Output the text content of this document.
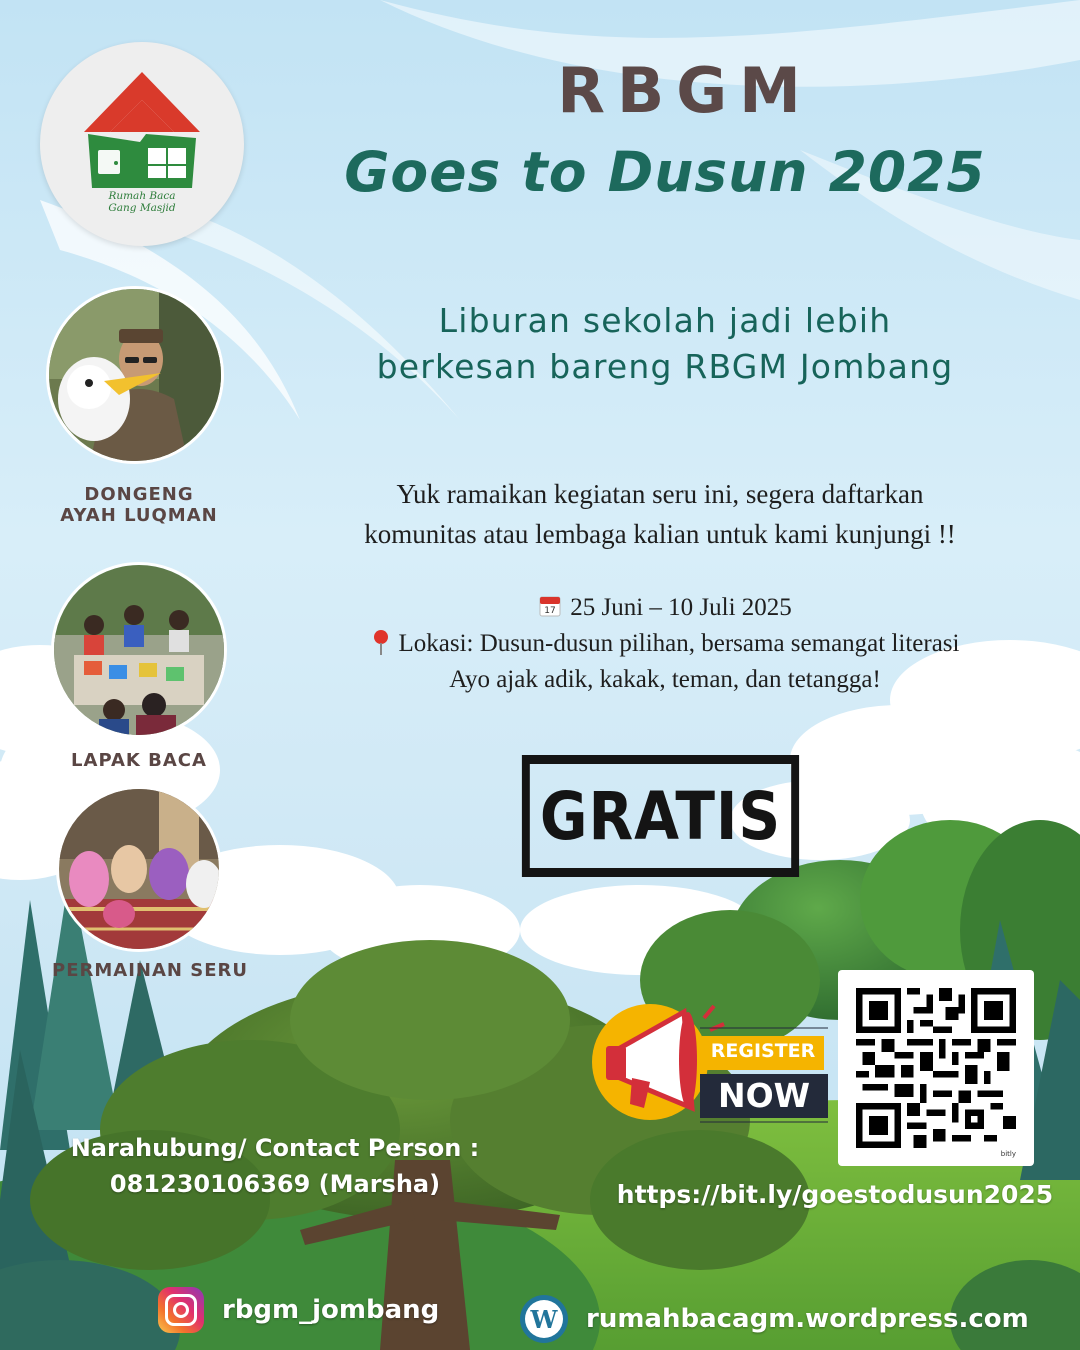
Rumah Baca
Gang Masjid
RBGM
Goes to Dusun 2025
Liburan sekolah jadi lebih
berkesan bareng RBGM Jombang
DONGENG
AYAH LUQMAN
LAPAK BACA
PERMAINAN SERU
Yuk ramaikan kegiatan seru ini, segera daftarkan
komunitas atau lembaga kalian untuk kami kunjungi !!
17 25 Juni – 10 Juli 2025
Lokasi: Dusun-dusun pilihan, bersama semangat literasi
Ayo ajak adik, kakak, teman, dan tetangga!
GRATIS
REGISTER
NOW
bitly
https://bit.ly/goestodusun2025
Narahubung/ Contact Person :
081230106369 (Marsha)
rbgm_jombang	W rumahbacagm.wordpress.com
